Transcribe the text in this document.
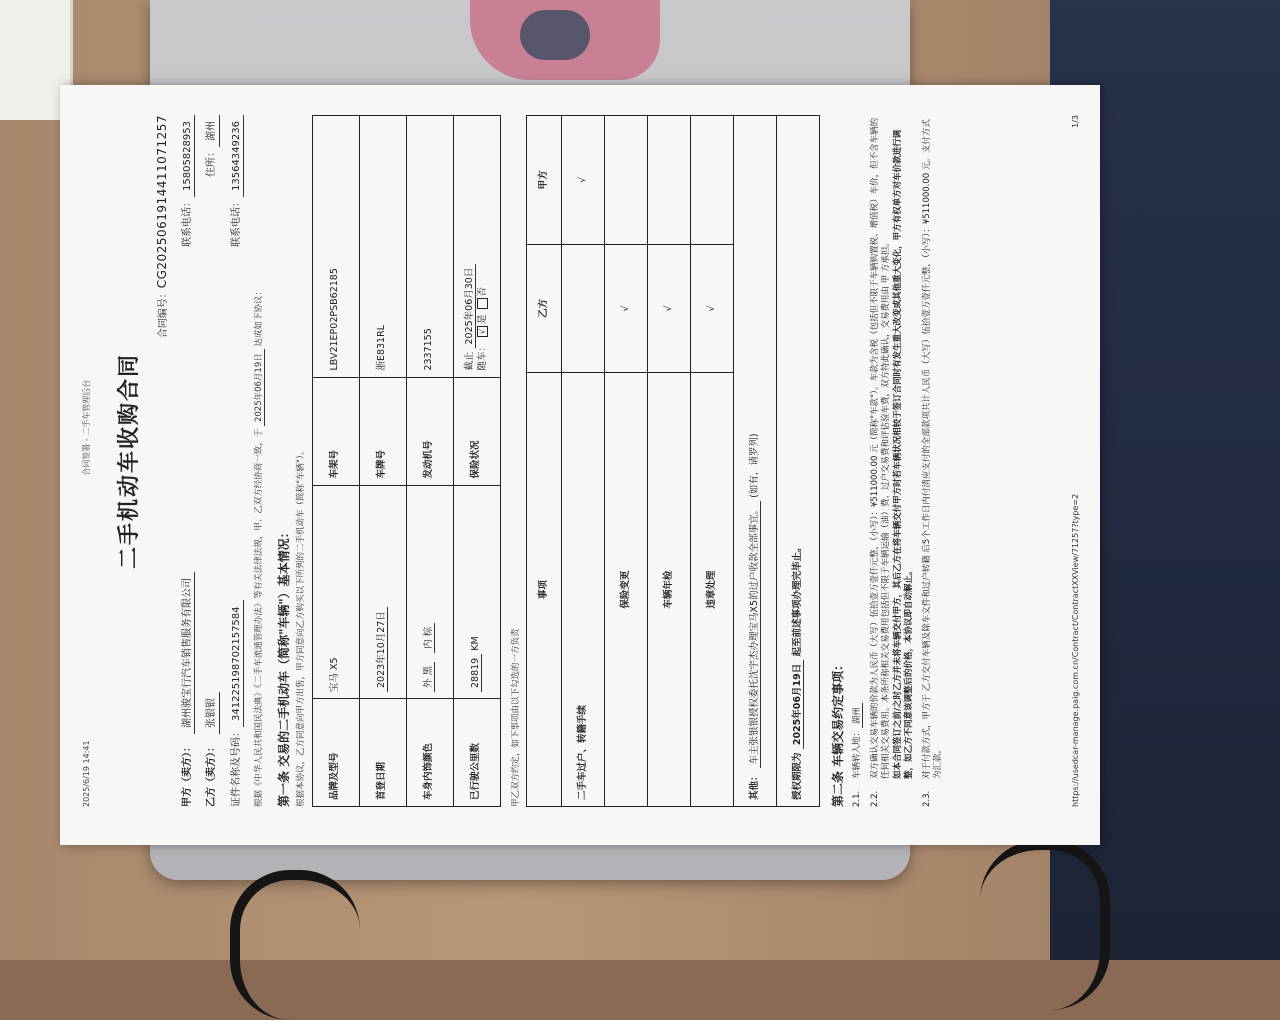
2025/6/19 14:41
合同签署 - 二手车管理后台 二手机动车收购合同
合同编号：CG2025061914411071257
甲方（卖方）：
湖州骏宝行汽车销售服务有限公司
联系电话：
15805828953
乙方（卖方）：
张银银
住所：
湖州
证件名称及号码：
341225198702157584
联系电话：
13564349236
根据《中华人民共和国民法典》《二手车流通管理办法》等有关法律法规，甲、乙双方经协商一致，于 2025年06月19日 达成如下协议：
第一条 交易的二手机动车（简称"车辆"）基本情况： 根据本协议，乙方同意向甲方出售，甲方同意向乙方购买以下所列的二手机动车（简称"车辆"）。 品牌及型号	宝马 X5	车架号	LBV21EP02PSB62185
首登日期	2023年10月27日	车牌号	浙E831RL
车身内饰颜色	外 黑   内 棕	发动机号	2337155
已行驶公里数	28819 KM	保险状况	截止 2025年06月30日
随车： √是 否
甲乙双方约定，如下事项由以下勾选的一方负责
事项	乙方	甲方
二手车过户、转籍手续		√
保险变更	√	
车辆年检	√	
违章处理	√	
其他： 车主张银银授权委托沈宇杰办理宝马X5的过户收款全部事宜。 (如有，请罗列)		
授权期限为 2025年06月19日 起至前述事项办理完毕止。		
第二条 车辆交易约定事项： 2.1.
车辆转入地：湖州
2.2.
双方确认交易车辆的价款为人民币（大写）伍拾壹万壹仟元整，（小写）：¥511000.00 元（简称"车款"）。车款为含税（包括但不限于车辆购置税、增值税）车价，但不含车辆的任何相关交易费用。本条所称相关交易费用包括但不限于车辆运输（油）费、过户交易费和评估验车费，双方特此确认，交易费用由 甲 方承担。
如本合同签订之前/之时乙方并未将车辆交付甲方，其后乙方在将车辆交付甲方时若车辆状况相较于签订合同时有发生重大改变或其他重大变化，甲方有权单方对车价款进行调整，如乙方不同意该调整后的价格，本协议即自动解止。
2.3.
对于付款方式，甲方于 乙方交付车辆及除车文件和过户转籍 后5个工作日内付清应支付的全部款项共计人民币（大写）伍拾壹万壹仟元整，（小写）：¥511000.00 元。支付方式为汇款。	https://usedcar-manage.paig.com.cn/Contract/ContractXXView/71257?type=2
1/3
